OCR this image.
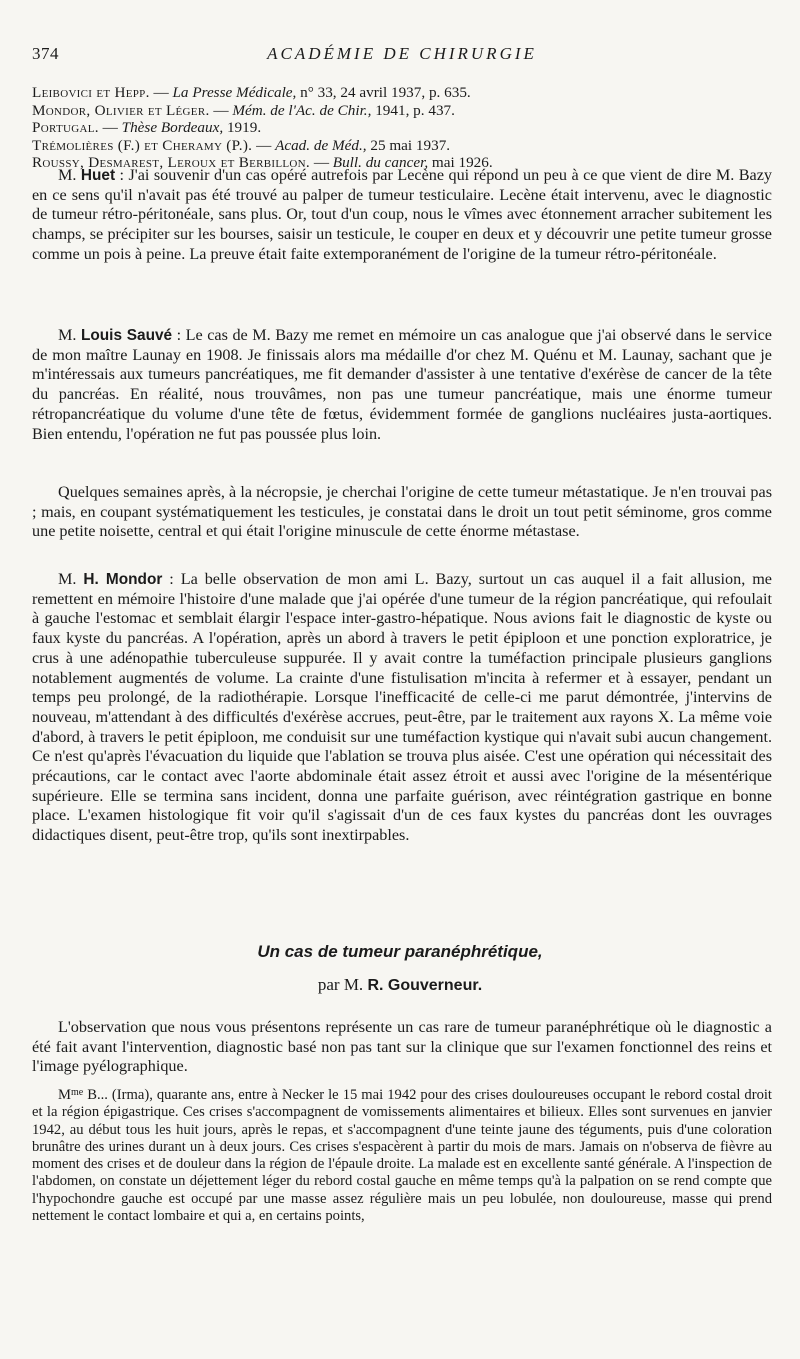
374	ACADÉMIE DE CHIRURGIE
Leibovici et Hepp. — La Presse Médicale, n° 33, 24 avril 1937, p. 635.
Mondor, Olivier et Léger. — Mém. de l'Ac. de Chir., 1941, p. 437.
Portugal. — Thèse Bordeaux, 1919.
Trémolières (F.) et Cheramy (P.). — Acad. de Méd., 25 mai 1937.
Roussy, Desmarest, Leroux et Berbillon. — Bull. du cancer, mai 1926.

M. Huet : J'ai souvenir d'un cas opéré autrefois par Lecène qui répond un peu à ce que vient de dire M. Bazy en ce sens qu'il n'avait pas été trouvé au palper de tumeur testiculaire. Lecène était intervenu, avec le diagnostic de tumeur rétro-péritonéale, sans plus. Or, tout d'un coup, nous le vîmes avec étonnement arracher subitement les champs, se précipiter sur les bourses, saisir un testicule, le couper en deux et y découvrir une petite tumeur grosse comme un pois à peine. La preuve était faite extemporanément de l'origine de la tumeur rétro-péritonéale.

M. Louis Sauvé : Le cas de M. Bazy me remet en mémoire un cas analogue que j'ai observé dans le service de mon maître Launay en 1908. Je finissais alors ma médaille d'or chez M. Quénu et M. Launay, sachant que je m'intéressais aux tumeurs pancréatiques, me fit demander d'assister à une tentative d'exérèse de cancer de la tête du pancréas. En réalité, nous trouvâmes, non pas une tumeur pancréatique, mais une énorme tumeur rétropancréatique du volume d'une tête de fœtus, évidemment formée de ganglions nucléaires justa-aortiques. Bien entendu, l'opération ne fut pas poussée plus loin.

Quelques semaines après, à la nécropsie, je cherchai l'origine de cette tumeur métastatique. Je n'en trouvai pas ; mais, en coupant systématiquement les testicules, je constatai dans le droit un tout petit séminome, gros comme une petite noisette, central et qui était l'origine minuscule de cette énorme métastase.

M. H. Mondor : La belle observation de mon ami L. Bazy, surtout un cas auquel il a fait allusion, me remettent en mémoire l'histoire d'une malade que j'ai opérée d'une tumeur de la région pancréatique, qui refoulait à gauche l'estomac et semblait élargir l'espace inter-gastro-hépatique. Nous avions fait le diagnostic de kyste ou faux kyste du pancréas. A l'opération, après un abord à travers le petit épiploon et une ponction exploratrice, je crus à une adénopathie tuberculeuse suppurée. Il y avait contre la tuméfaction principale plusieurs ganglions notablement augmentés de volume. La crainte d'une fistulisation m'incita à refermer et à essayer, pendant un temps peu prolongé, de la radiothérapie. Lorsque l'inefficacité de celle-ci me parut démontrée, j'intervins de nouveau, m'attendant à des difficultés d'exérèse accrues, peut-être, par le traitement aux rayons X. La même voie d'abord, à travers le petit épiploon, me conduisit sur une tuméfaction kystique qui n'avait subi aucun changement. Ce n'est qu'après l'évacuation du liquide que l'ablation se trouva plus aisée. C'est une opération qui nécessitait des précautions, car le contact avec l'aorte abdominale était assez étroit et aussi avec l'origine de la mésentérique supérieure. Elle se termina sans incident, donna une parfaite guérison, avec réintégration gastrique en bonne place. L'examen histologique fit voir qu'il s'agissait d'un de ces faux kystes du pancréas dont les ouvrages didactiques disent, peut-être trop, qu'ils sont inextirpables.

Un cas de tumeur paranéphrétique,
par M. R. Gouverneur.

L'observation que nous vous présentons représente un cas rare de tumeur paranéphrétique où le diagnostic a été fait avant l'intervention, diagnostic basé non pas tant sur la clinique que sur l'examen fonctionnel des reins et l'image pyélographique.

$M^{me}$ B... (Irma), quarante ans, entre à Necker le 15 mai 1942 pour des crises douloureuses occupant le rebord costal droit et la région épigastrique. Ces crises s'accompagnent de vomissements alimentaires et bilieux. Elles sont survenues en janvier 1942, au début tous les huit jours, après le repas, et s'accompagnent d'une teinte jaune des téguments, puis d'une coloration brunâtre des urines durant un à deux jours. Ces crises s'espacèrent à partir du mois de mars. Jamais on n'observa de fièvre au moment des crises et de douleur dans la région de l'épaule droite. La malade est en excellente santé générale. A l'inspection de l'abdomen, on constate un déjettement léger du rebord costal gauche en même temps qu'à la palpation on se rend compte que l'hypochondre gauche est occupé par une masse assez régulière mais un peu lobulée, non douloureuse, masse qui prend nettement le contact lombaire et qui a, en certains points,
